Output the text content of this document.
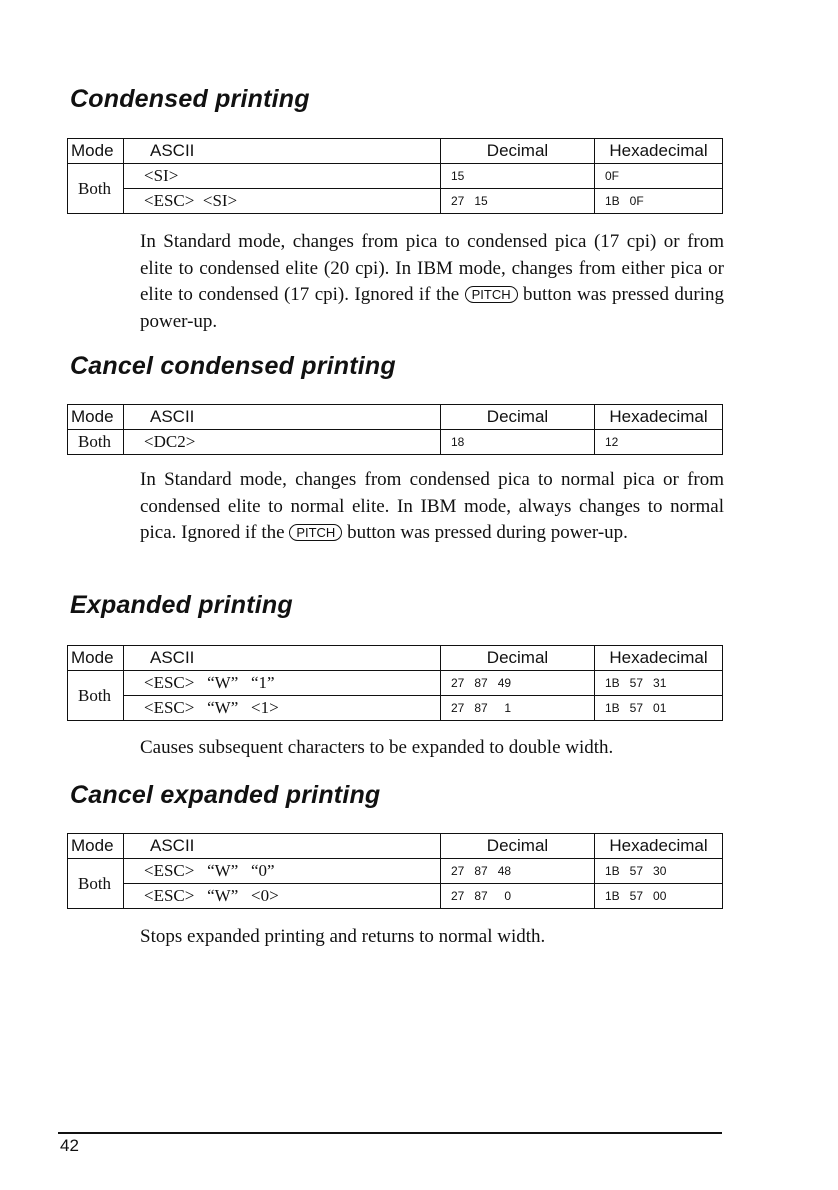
Condensed printing
Mode	ASCII	Decimal	Hexadecimal
Both	<SI>	15	0F
	<ESC>  <SI>	27   15	1B   0F

In Standard mode, changes from pica to condensed pica (17 cpi) or from elite to condensed elite (20 cpi). In IBM mode, changes from either pica or elite to condensed (17 cpi). Ignored if the PITCH button was pressed during power-up.

Cancel condensed printing
Mode	ASCII	Decimal	Hexadecimal
Both	<DC2>	18	12

In Standard mode, changes from condensed pica to normal pica or from condensed elite to normal elite. In IBM mode, always changes to normal pica. Ignored if the PITCH button was pressed during power-up.

Expanded printing
Mode	ASCII	Decimal	Hexadecimal
Both	<ESC>   “W”   “1”	27   87   49	1B   57   31
	<ESC>   “W”   <1>	27   87     1	1B   57   01

Causes subsequent characters to be expanded to double width.

Cancel expanded printing
Mode	ASCII	Decimal	Hexadecimal
Both	<ESC>   “W”   “0”	27   87   48	1B   57   30
	<ESC>   “W”   <0>	27   87     0	1B   57   00

Stops expanded printing and returns to normal width.

42
